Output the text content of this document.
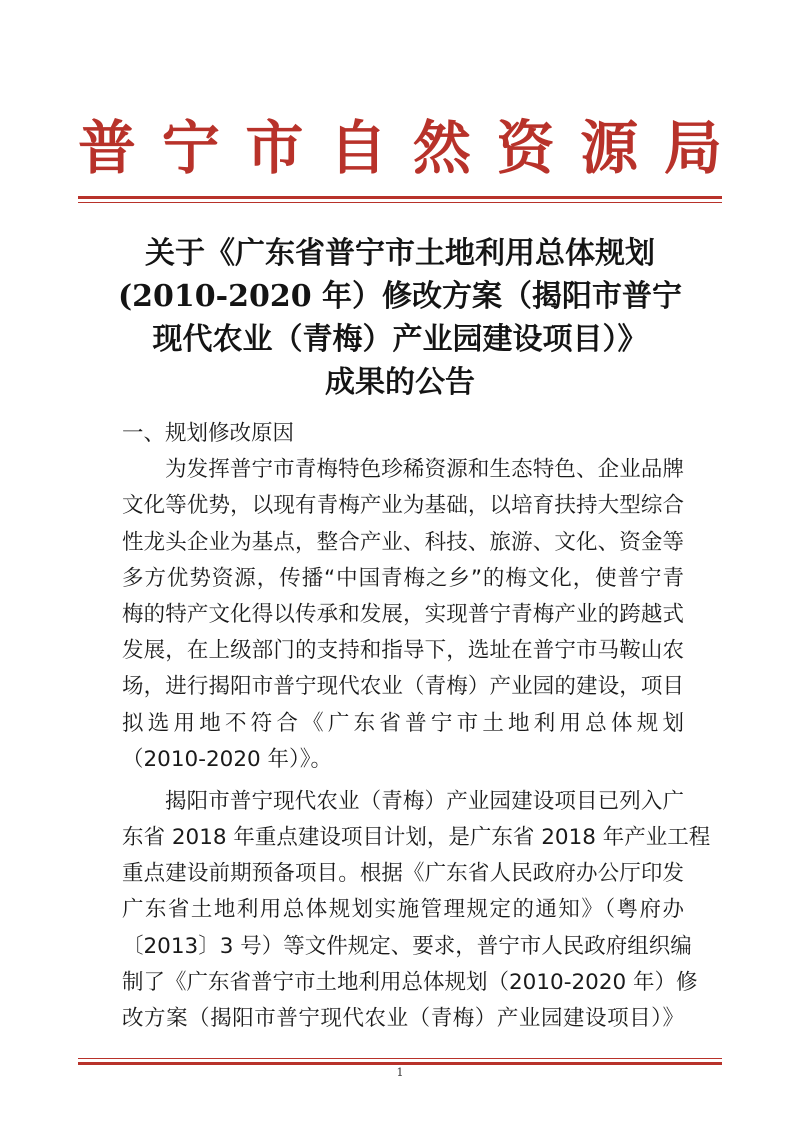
普 宁 市 自 然 资 源 局
关于《广东省普宁市土地利用总体规划
(2010-2020 年）修改方案（揭阳市普宁
现代农业（青梅）产业园建设项目）》
成果的公告
一、规划修改原因
为发挥普宁市青梅特色珍稀资源和生态特色、企业品牌
文化等优势，以现有青梅产业为基础，以培育扶持大型综合
性龙头企业为基点，整合产业、科技、旅游、文化、资金等
多方优势资源，传播“中国青梅之乡”的梅文化，使普宁青
梅的特产文化得以传承和发展，实现普宁青梅产业的跨越式
发展，在上级部门的支持和指导下，选址在普宁市马鞍山农
场，进行揭阳市普宁现代农业（青梅）产业园的建设，项目
拟选用地不符合《广东省普宁市土地利用总体规划
（2010-2020 年）》。
揭阳市普宁现代农业（青梅）产业园建设项目已列入广
东省 2018 年重点建设项目计划，是广东省 2018 年产业工程
重点建设前期预备项目。根据《广东省人民政府办公厅印发
广东省土地利用总体规划实施管理规定的通知》（粤府办
〔2013〕3 号）等文件规定、要求，普宁市人民政府组织编
制了《广东省普宁市土地利用总体规划（2010-2020 年）修
改方案（揭阳市普宁现代农业（青梅）产业园建设项目）》
1
